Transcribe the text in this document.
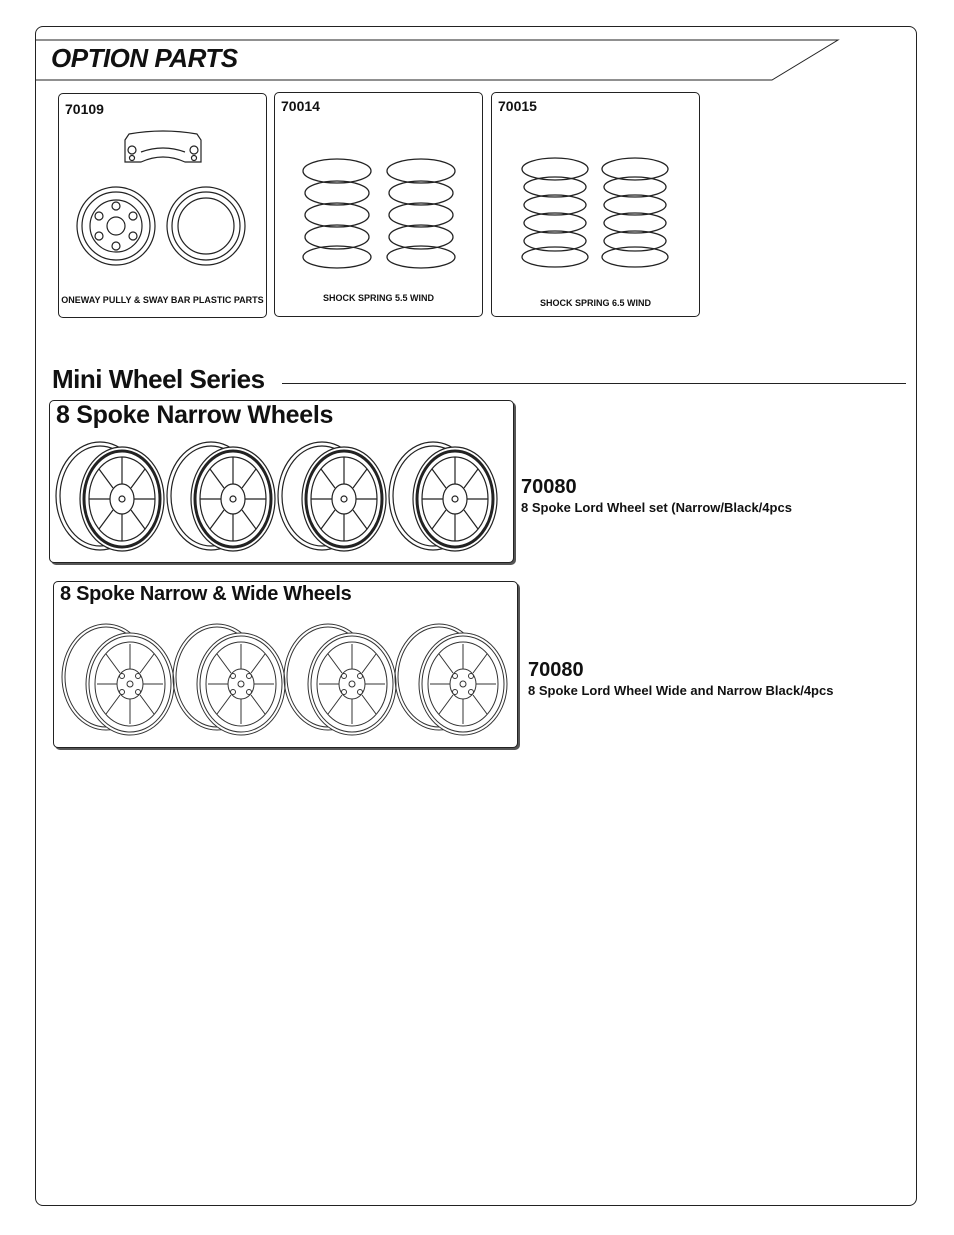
OPTION PARTS
70109
ONEWAY PULLY & SWAY BAR PLASTIC PARTS
70014
SHOCK SPRING 5.5 WIND
70015
SHOCK SPRING 6.5 WIND
Mini Wheel Series
8 Spoke Narrow Wheels
70080
8 Spoke Lord Wheel set (Narrow/Black/4pcs
8 Spoke Narrow & Wide Wheels
70080
8 Spoke Lord Wheel Wide and Narrow Black/4pcs
